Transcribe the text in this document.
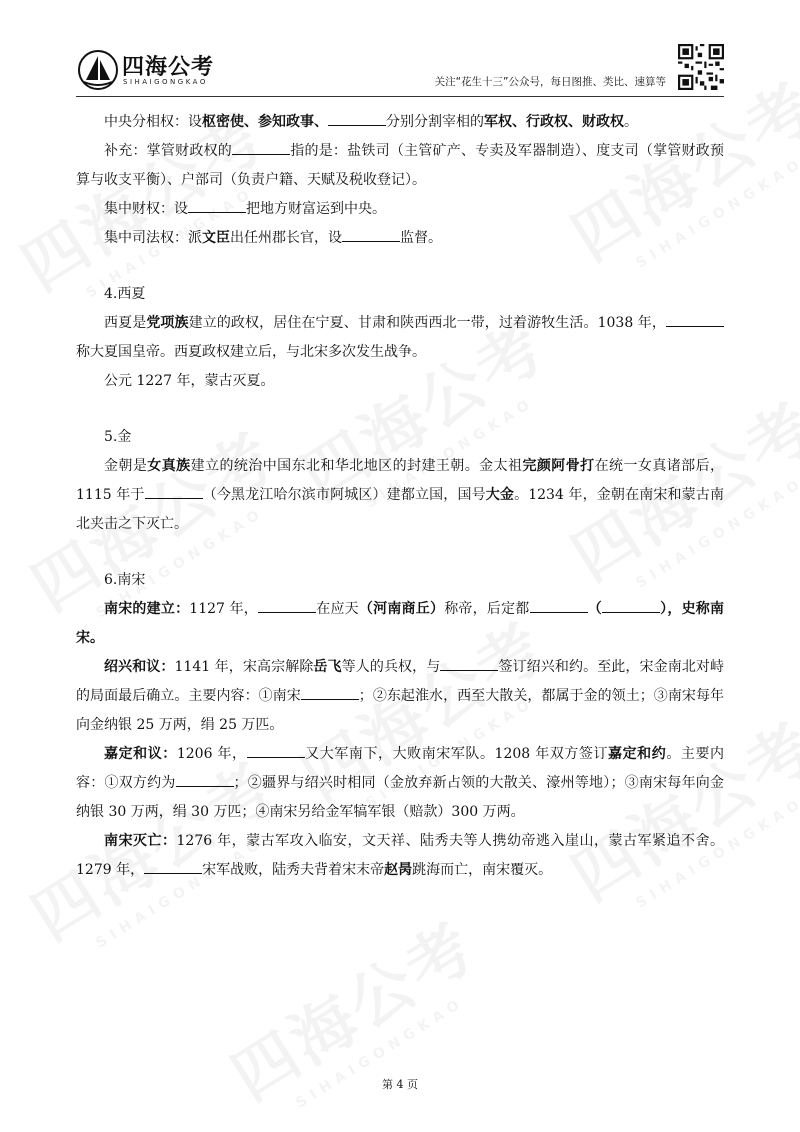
四海公考
SIHAIGONGKAO	关注“花生十三”公众号，每日图推、类比、速算等

中央分相权：设枢密使、参知政事、	分别分割宰相的军权、行政权、财政权。

补充：掌管财政权的	指的是：盐铁司（主管矿产、专卖及军器制造）、度支司（掌管财政预算与收支平衡）、户部司（负责户籍、天赋及税收登记）。

集中财权：设	把地方财富运到中央。

集中司法权：派文臣出任州郡长官，设	监督。

4.西夏

西夏是党项族建立的政权，居住在宁夏、甘肃和陕西西北一带，过着游牧生活。1038 年，称大夏国皇帝。西夏政权建立后，与北宋多次发生战争。

公元 1227 年，蒙古灭夏。

5.金

金朝是女真族建立的统治中国东北和华北地区的封建王朝。金太祖完颜阿骨打在统一女真诸部后，1115 年于	（今黑龙江哈尔滨市阿城区）建都立国，国号大金。1234 年，金朝在南宋和蒙古南北夹击之下灭亡。

6.南宋

南宋的建立：1127 年，	在应天（河南商丘）称帝，后定都	（	），史称南宋。

绍兴和议：1141 年，宋高宗解除岳飞等人的兵权，与	签订绍兴和约。至此，宋金南北对峙的局面最后确立。主要内容：①南宋	；②东起淮水，西至大散关，都属于金的领土；③南宋每年向金纳银 25 万两，绢 25 万匹。

嘉定和议：1206 年，	又大军南下，大败南宋军队。1208 年双方签订嘉定和约。主要内容：①双方约为	；②疆界与绍兴时相同（金放弃新占领的大散关、濠州等地）；③南宋每年向金纳银 30 万两，绢 30 万匹；④南宋另给金军犒军银（赔款）300 万两。

南宋灭亡：1276 年，蒙古军攻入临安，文天祥、陆秀夫等人携幼帝逃入崖山，蒙古军紧追不舍。1279 年，	宋军战败，陆秀夫背着宋末帝赵昺跳海而亡，南宋覆灭。

第 4 页
